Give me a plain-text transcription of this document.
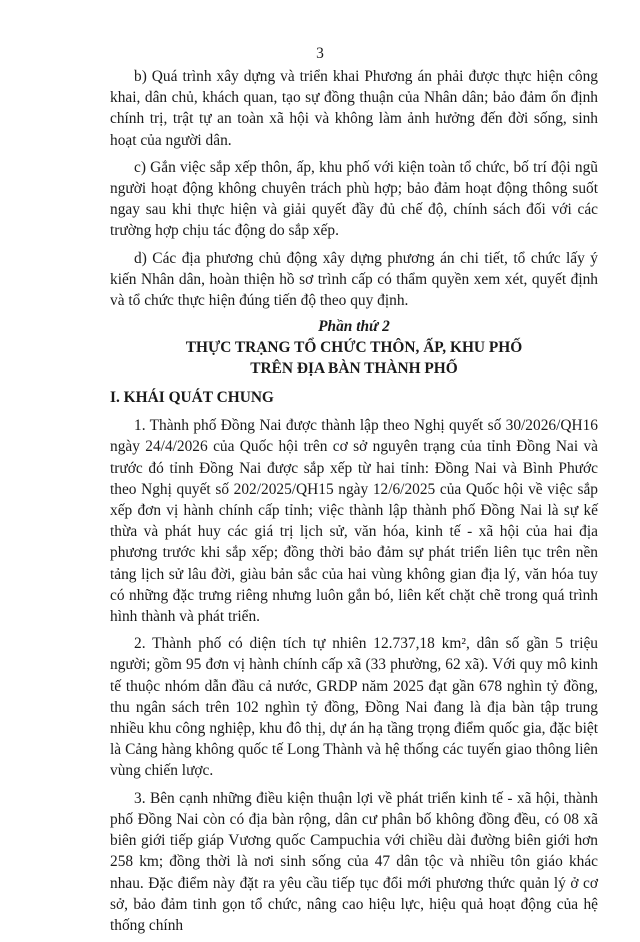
3

b) Quá trình xây dựng và triển khai Phương án phải được thực hiện công khai, dân chủ, khách quan, tạo sự đồng thuận của Nhân dân; bảo đảm ổn định chính trị, trật tự an toàn xã hội và không làm ảnh hưởng đến đời sống, sinh hoạt của người dân.

c) Gắn việc sắp xếp thôn, ấp, khu phố với kiện toàn tổ chức, bố trí đội ngũ người hoạt động không chuyên trách phù hợp; bảo đảm hoạt động thông suốt ngay sau khi thực hiện và giải quyết đầy đủ chế độ, chính sách đối với các trường hợp chịu tác động do sắp xếp.

d) Các địa phương chủ động xây dựng phương án chi tiết, tổ chức lấy ý kiến Nhân dân, hoàn thiện hồ sơ trình cấp có thẩm quyền xem xét, quyết định và tổ chức thực hiện đúng tiến độ theo quy định.

Phần thứ 2
THỰC TRẠNG TỔ CHỨC THÔN, ẤP, KHU PHỐ
TRÊN ĐỊA BÀN THÀNH PHỐ
I. KHÁI QUÁT CHUNG

1. Thành phố Đồng Nai được thành lập theo Nghị quyết số 30/2026/QH16 ngày 24/4/2026 của Quốc hội trên cơ sở nguyên trạng của tỉnh Đồng Nai và trước đó tỉnh Đồng Nai được sắp xếp từ hai tỉnh: Đồng Nai và Bình Phước theo Nghị quyết số 202/2025/QH15 ngày 12/6/2025 của Quốc hội về việc sắp xếp đơn vị hành chính cấp tỉnh; việc thành lập thành phố Đồng Nai là sự kế thừa và phát huy các giá trị lịch sử, văn hóa, kinh tế - xã hội của hai địa phương trước khi sắp xếp; đồng thời bảo đảm sự phát triển liên tục trên nền tảng lịch sử lâu đời, giàu bản sắc của hai vùng không gian địa lý, văn hóa tuy có những đặc trưng riêng nhưng luôn gắn bó, liên kết chặt chẽ trong quá trình hình thành và phát triển.

2. Thành phố có diện tích tự nhiên 12.737,18 km², dân số gần 5 triệu người; gồm 95 đơn vị hành chính cấp xã (33 phường, 62 xã). Với quy mô kinh tế thuộc nhóm dẫn đầu cả nước, GRDP năm 2025 đạt gần 678 nghìn tỷ đồng, thu ngân sách trên 102 nghìn tỷ đồng, Đồng Nai đang là địa bàn tập trung nhiều khu công nghiệp, khu đô thị, dự án hạ tầng trọng điểm quốc gia, đặc biệt là Cảng hàng không quốc tế Long Thành và hệ thống các tuyến giao thông liên vùng chiến lược.

3. Bên cạnh những điều kiện thuận lợi về phát triển kinh tế - xã hội, thành phố Đồng Nai còn có địa bàn rộng, dân cư phân bố không đồng đều, có 08 xã biên giới tiếp giáp Vương quốc Campuchia với chiều dài đường biên giới hơn 258 km; đồng thời là nơi sinh sống của 47 dân tộc và nhiều tôn giáo khác nhau. Đặc điểm này đặt ra yêu cầu tiếp tục đổi mới phương thức quản lý ở cơ sở, bảo đảm tinh gọn tổ chức, nâng cao hiệu lực, hiệu quả hoạt động của hệ thống chính
